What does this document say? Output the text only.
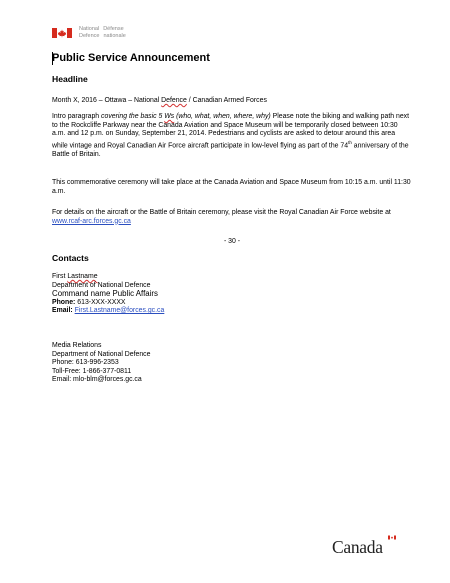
National Défense
Defence nationale
Public Service Announcement
Headline
Month X, 2016 – Ottawa – National Defence / Canadian Armed Forces
Intro paragraph covering the basic 5 Ws (who, what, when, where, why) Please note the biking and walking path next to the Rockcliffe Parkway near the Canada Aviation and Space Museum will be temporarily closed between 10:30 a.m. and 12 p.m. on Sunday, September 21, 2014. Pedestrians and cyclists are asked to detour around this area while vintage and Royal Canadian Air Force aircraft participate in low-level flying as part of the 74th anniversary of the Battle of Britain.
This commemorative ceremony will take place at the Canada Aviation and Space Museum from 10:15 a.m. until 11:30 a.m.
For details on the aircraft or the Battle of Britain ceremony, please visit the Royal Canadian Air Force website at www.rcaf-arc.forces.gc.ca
- 30 -
Contacts
First Lastname
Department of National Defence
Command name Public Affairs
Phone: 613-XXX-XXXX
Email: First.Lastname@forces.gc.ca
Media Relations
Department of National Defence
Phone: 613-996-2353
Toll-Free: 1-866-377-0811
Email: mlo-blm@forces.gc.ca
Canada
